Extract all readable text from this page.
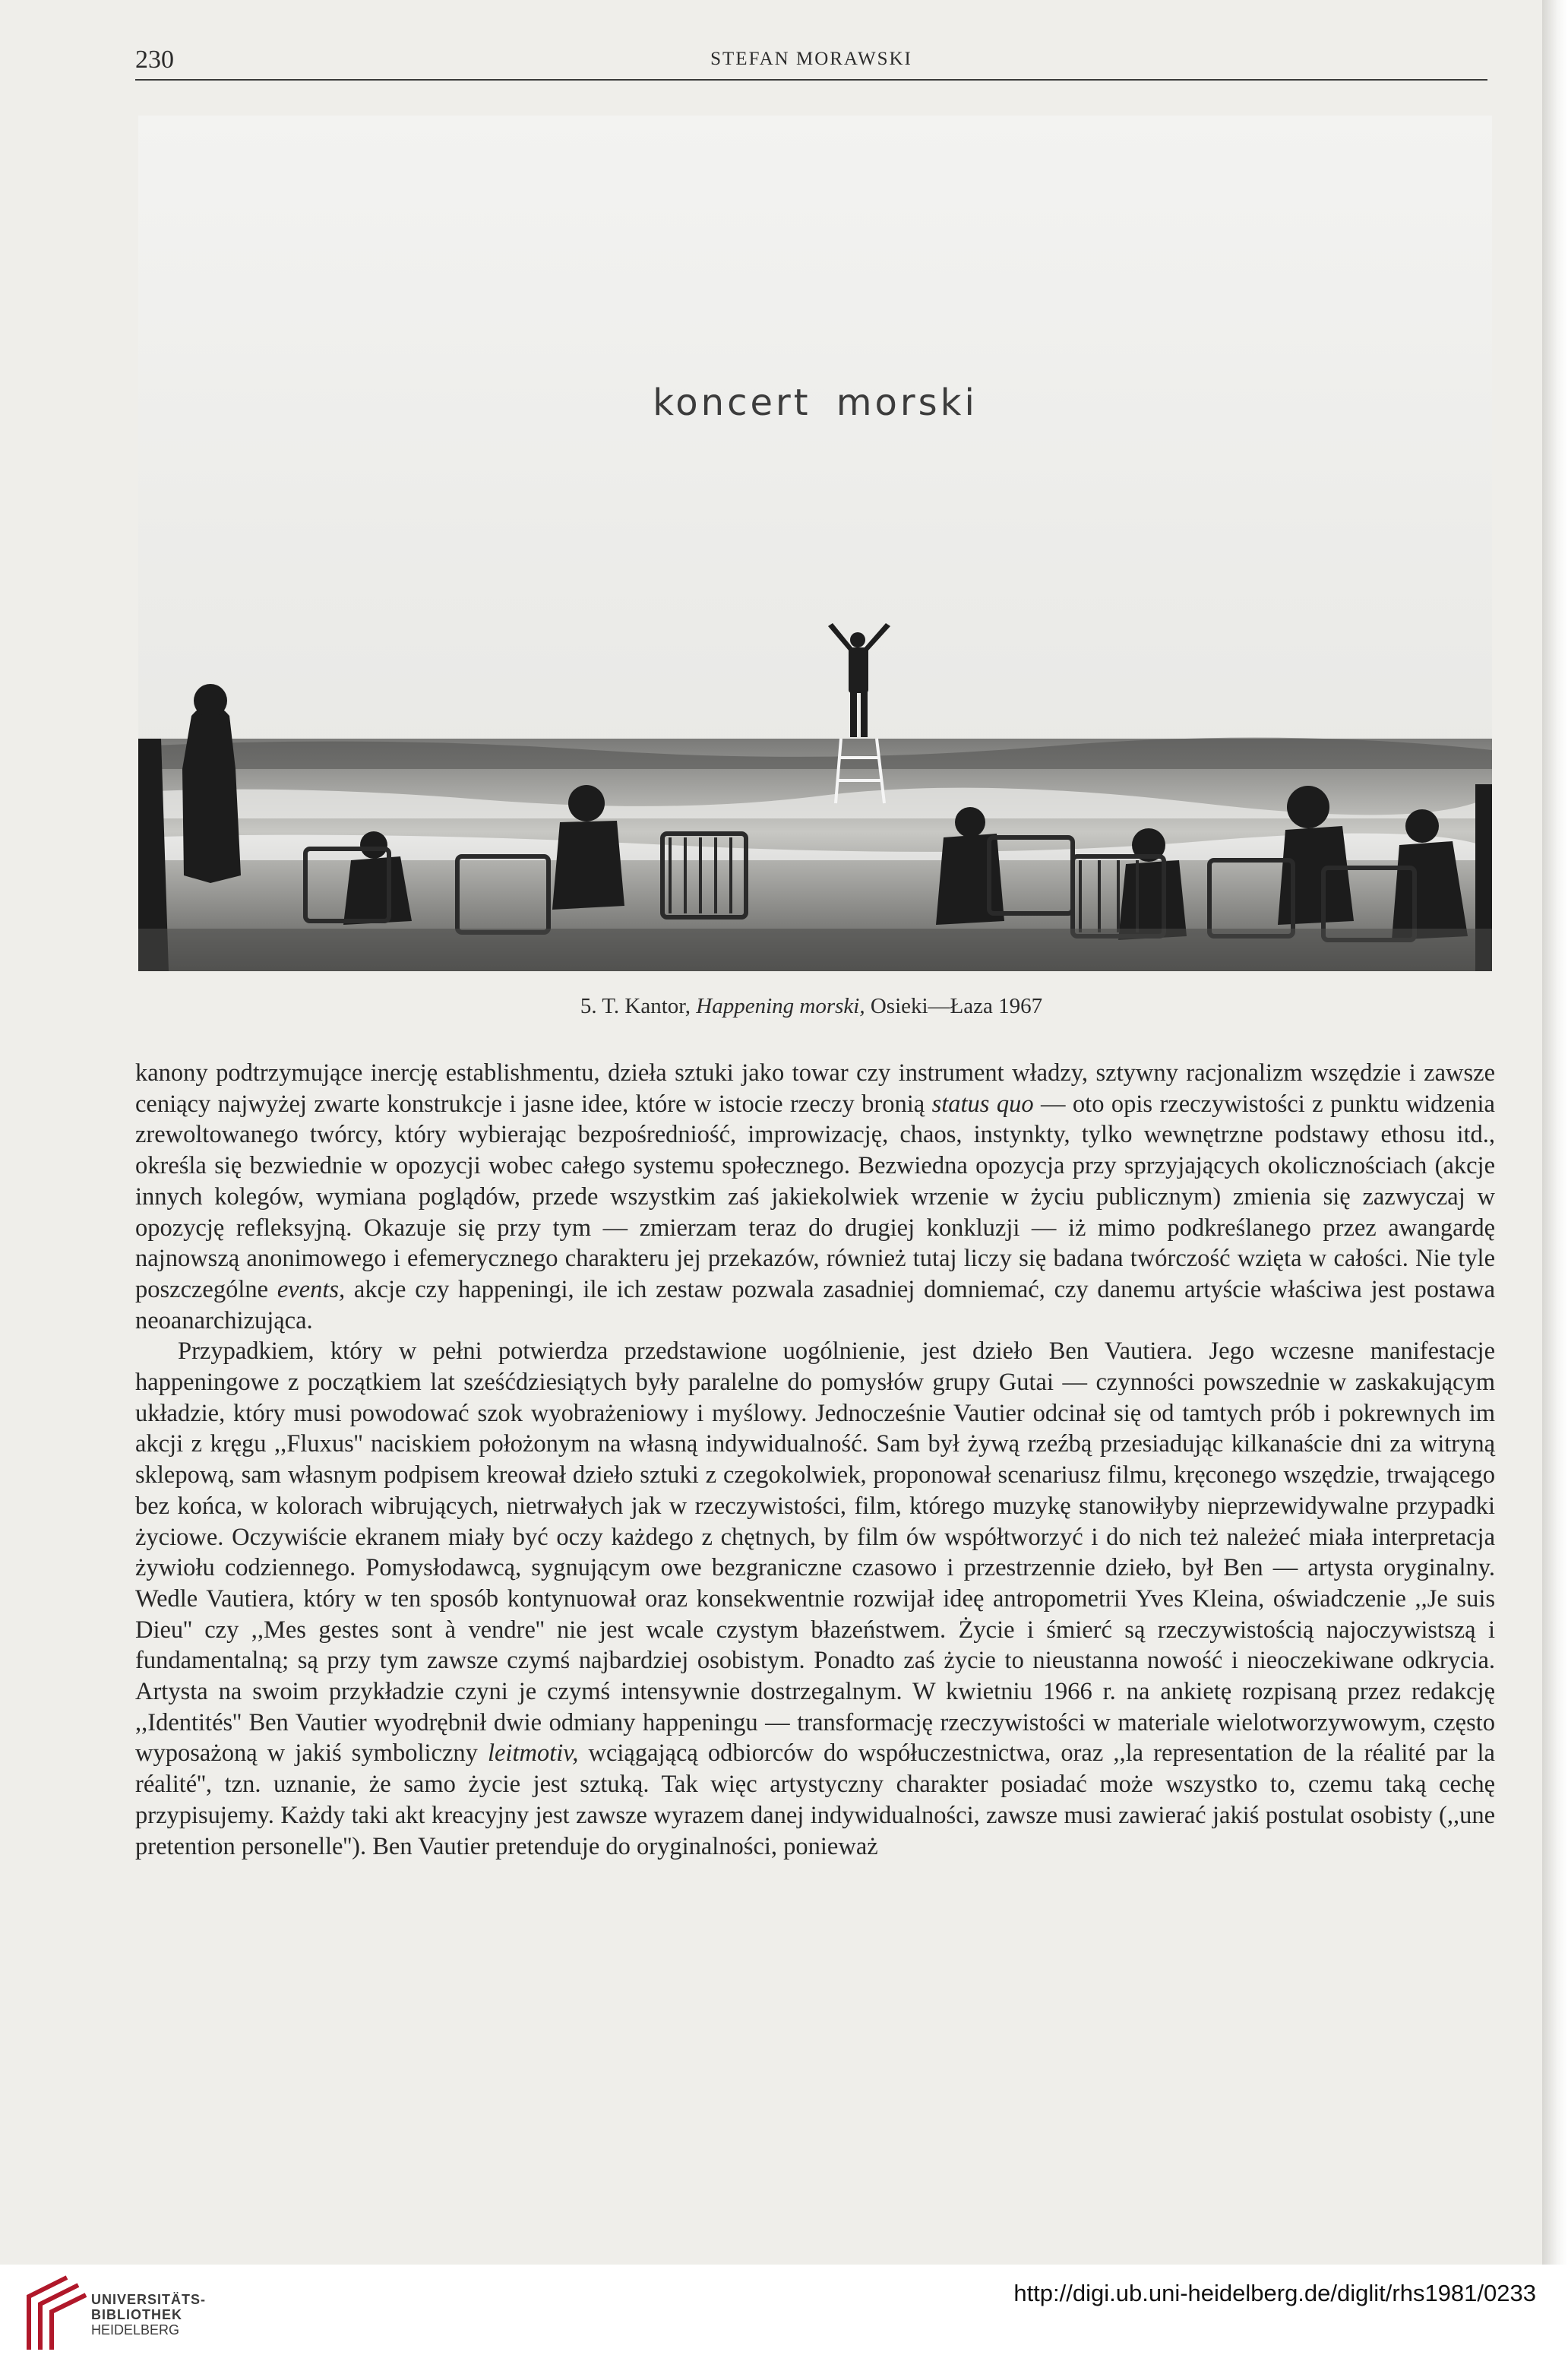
230	STEFAN MORAWSKI
koncert morski
5. T. Kantor, Happening morski, Osieki—Łaza 1967

kanony podtrzymujące inercję establishmentu, dzieła sztuki jako towar czy instrument władzy, sztywny racjonalizm wszędzie i zawsze ceniący najwyżej zwarte konstrukcje i jasne idee, które w istocie rzeczy bronią status quo — oto opis rzeczywistości z punktu widzenia zrewoltowanego twórcy, który wybierając bezpośredniość, improwizację, chaos, instynkty, tylko wewnętrzne podstawy ethosu itd., określa się bezwiednie w opozycji wobec całego systemu społecznego. Bezwiedna opozycja przy sprzyjających okolicznościach (akcje innych kolegów, wymiana poglądów, przede wszystkim zaś jakiekolwiek wrzenie w życiu publicznym) zmienia się zazwyczaj w opozycję refleksyjną. Okazuje się przy tym — zmierzam teraz do drugiej konkluzji — iż mimo podkreślanego przez awangardę najnowszą anonimowego i efemerycznego charakteru jej przekazów, również tutaj liczy się badana twórczość wzięta w całości. Nie tyle poszczególne events, akcje czy happeningi, ile ich zestaw pozwala zasadniej domniemać, czy danemu artyście właściwa jest postawa neoanarchizująca.

Przypadkiem, który w pełni potwierdza przedstawione uogólnienie, jest dzieło Ben Vautiera. Jego wczesne manifestacje happeningowe z początkiem lat sześćdziesiątych były paralelne do pomysłów grupy Gutai — czynności powszednie w zaskakującym układzie, który musi powodować szok wyobrażeniowy i myślowy. Jednocześnie Vautier odcinał się od tamtych prób i pokrewnych im akcji z kręgu ,,Fluxus'' naciskiem położonym na własną indywidualność. Sam był żywą rzeźbą przesiadując kilkanaście dni za witryną sklepową, sam własnym podpisem kreował dzieło sztuki z czegokolwiek, proponował scenariusz filmu, kręconego wszędzie, trwającego bez końca, w kolorach wibrujących, nietrwałych jak w rzeczywistości, film, którego muzykę stanowiłyby nieprzewidywalne przypadki życiowe. Oczywiście ekranem miały być oczy każdego z chętnych, by film ów współtworzyć i do nich też należeć miała interpretacja żywiołu codziennego. Pomysłodawcą, sygnującym owe bezgraniczne czasowo i przestrzennie dzieło, był Ben — artysta oryginalny. Wedle Vautiera, który w ten sposób kontynuował oraz konsekwentnie rozwijał ideę antropometrii Yves Kleina, oświadczenie ,,Je suis Dieu'' czy ,,Mes gestes sont à vendre'' nie jest wcale czystym błazeństwem. Życie i śmierć są rzeczywistością najoczywistszą i fundamentalną; są przy tym zawsze czymś najbardziej osobistym. Ponadto zaś życie to nieustanna nowość i nieoczekiwane odkrycia. Artysta na swoim przykładzie czyni je czymś intensywnie dostrzegalnym. W kwietniu 1966 r. na ankietę rozpisaną przez redakcję ,,Identités'' Ben Vautier wyodrębnił dwie odmiany happeningu — transformację rzeczywistości w materiale wielotworzywowym, często wyposażoną w jakiś symboliczny leitmotiv, wciągającą odbiorców do współuczestnictwa, oraz ,,la representation de la réalité par la réalité'', tzn. uznanie, że samo życie jest sztuką. Tak więc artystyczny charakter posiadać może wszystko to, czemu taką cechę przypisujemy. Każdy taki akt kreacyjny jest zawsze wyrazem danej indywidualności, zawsze musi zawierać jakiś postulat osobisty (,,une pretention personelle''). Ben Vautier pretenduje do oryginalności, ponieważ

UNIVERSITÄTS-
BIBLIOTHEK
HEIDELBERG
http://digi.ub.uni-heidelberg.de/diglit/rhs1981/0233
